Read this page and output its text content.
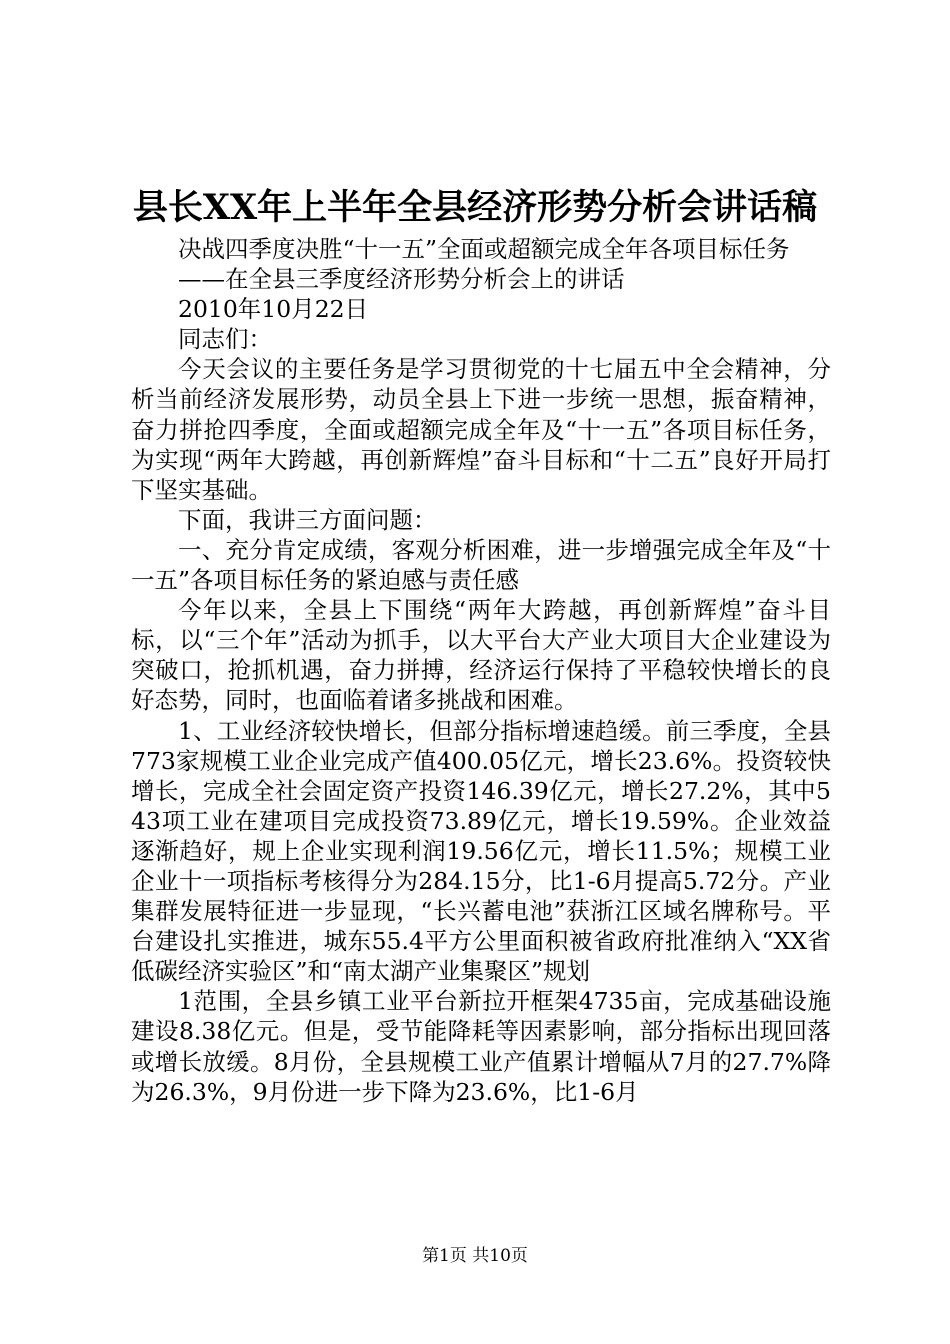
县长XX年上半年全县经济形势分析会讲话稿

决战四季度决胜“十一五”全面或超额完成全年各项目标任务

——在全县三季度经济形势分析会上的讲话

2010年10月22日

同志们：

今天会议的主要任务是学习贯彻党的十七届五中全会精神，分析当前经济发展形势，动员全县上下进一步统一思想，振奋精神，奋力拼抢四季度，全面或超额完成全年及“十一五”各项目标任务，为实现“两年大跨越，再创新辉煌”奋斗目标和“十二五”良好开局打下坚实基础。

下面，我讲三方面问题：

一、充分肯定成绩，客观分析困难，进一步增强完成全年及“十一五”各项目标任务的紧迫感与责任感

今年以来，全县上下围绕“两年大跨越，再创新辉煌”奋斗目标，以“三个年”活动为抓手，以大平台大产业大项目大企业建设为突破口，抢抓机遇，奋力拼搏，经济运行保持了平稳较快增长的良好态势，同时，也面临着诸多挑战和困难。

1、工业经济较快增长，但部分指标增速趋缓。前三季度，全县773家规模工业企业完成产值400.05亿元，增长23.6%。投资较快增长，完成全社会固定资产投资146.39亿元，增长27.2%，其中543项工业在建项目完成投资73.89亿元，增长19.59%。企业效益逐渐趋好，规上企业实现利润19.56亿元，增长11.5%；规模工业企业十一项指标考核得分为284.15分，比1-6月提高5.72分。产业集群发展特征进一步显现，“长兴蓄电池”获浙江区域名牌称号。平台建设扎实推进，城东55.4平方公里面积被省政府批准纳入“XX省低碳经济实验区”和“南太湖产业集聚区”规划

1范围，全县乡镇工业平台新拉开框架4735亩，完成基础设施建设8.38亿元。但是，受节能降耗等因素影响，部分指标出现回落或增长放缓。8月份，全县规模工业产值累计增幅从7月的27.7%降为26.3%，9月份进一步下降为23.6%，比1-6月

第1页 共10页
